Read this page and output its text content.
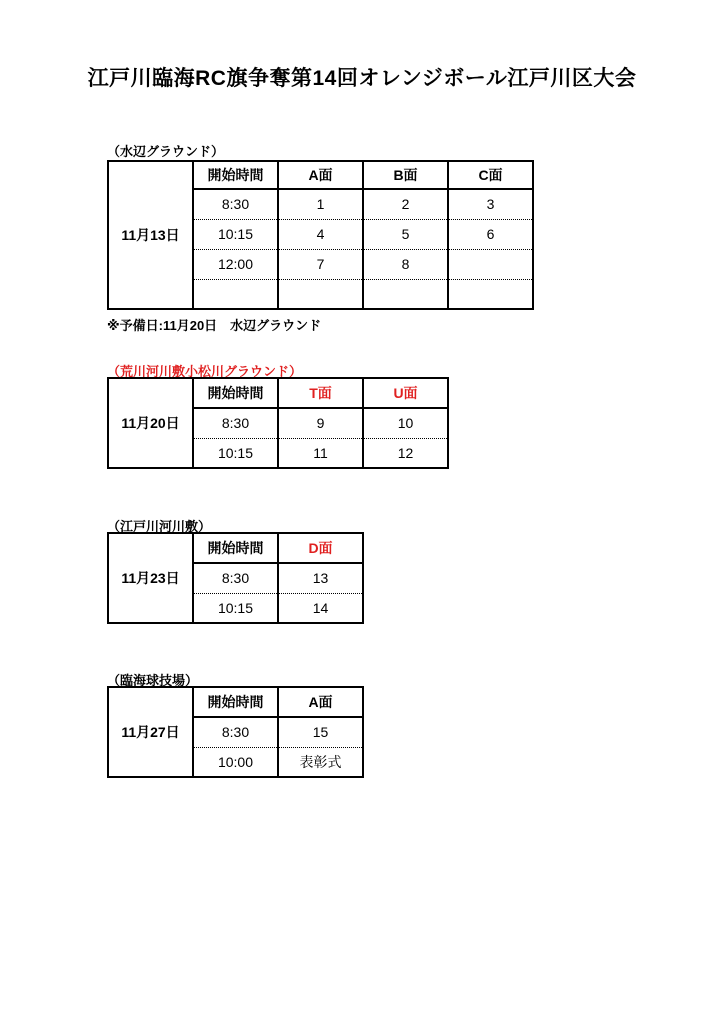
江戸川臨海RC旗争奪第14回オレンジボール江戸川区大会
（水辺グラウンド）
11月13日	開始時間	A面	B面	C面
	8:30	1	2	3
	10:15	4	5	6
	12:00	7	8	

※予備日:11月20日　水辺グラウンド
（荒川河川敷小松川グラウンド）
11月20日	開始時間	T面	U面
	8:30	9	10
	10:15	11	12
（江戸川河川敷）
11月23日	開始時間	D面
	8:30	13
	10:15	14
（臨海球技場）
11月27日	開始時間	A面
	8:30	15
	10:00	表彰式
